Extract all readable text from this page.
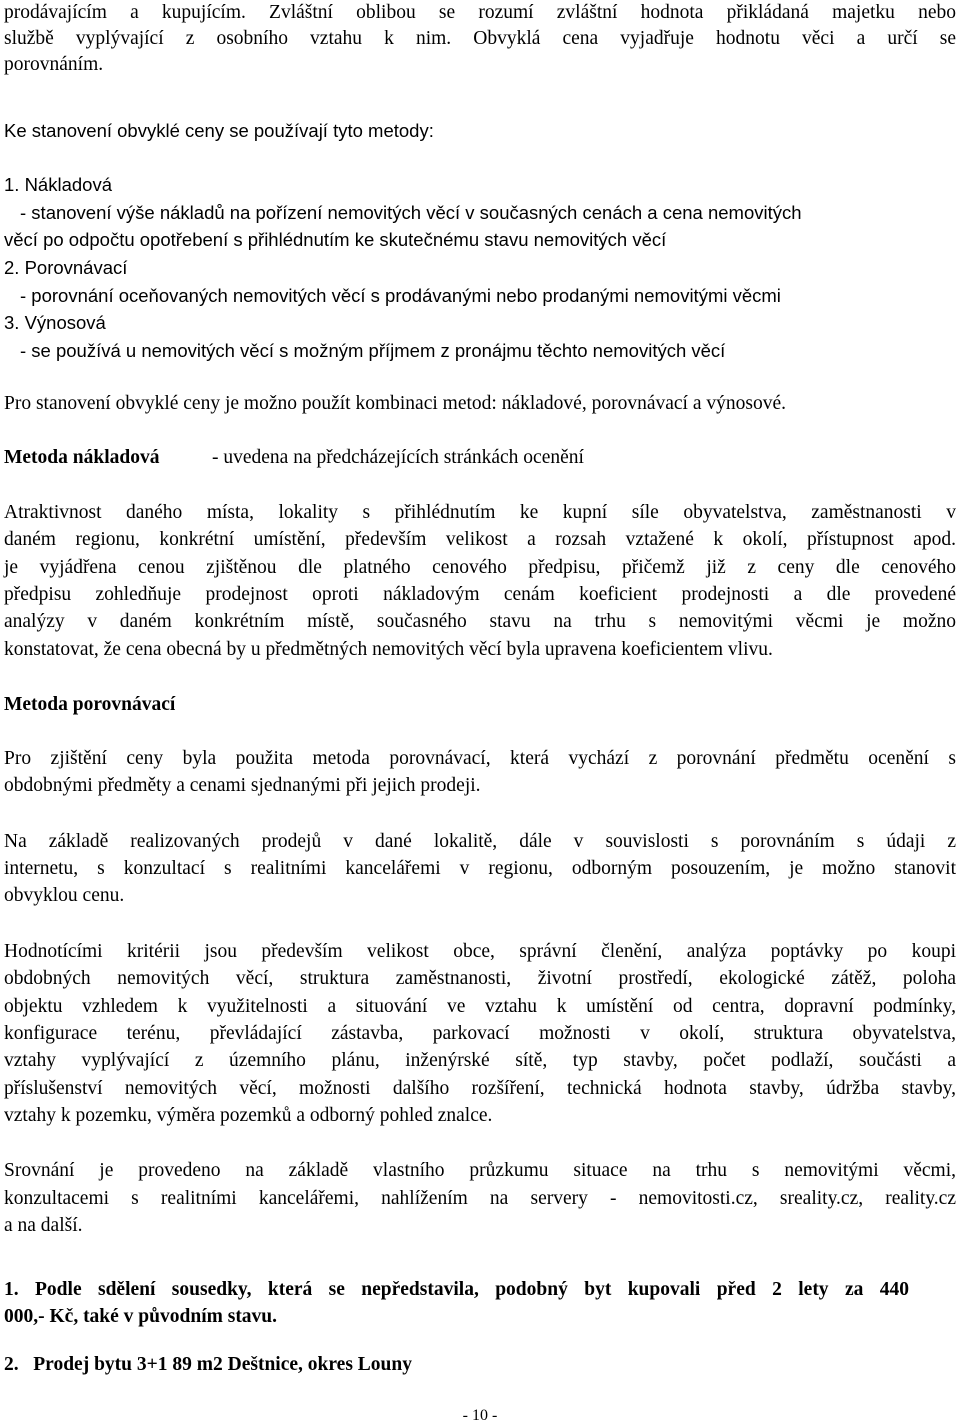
prodávajícím a kupujícím. Zvláštní oblibou se rozumí zvláštní hodnota přikládaná majetku nebo
službě vyplývající z osobního vztahu k nim. Obvyklá cena vyjadřuje hodnotu věci a určí se
porovnáním.
Ke stanovení obvyklé ceny se používají tyto metody:
1. Nákladová
- stanovení výše nákladů na pořízení nemovitých věcí v současných cenách a cena nemovitých
věcí po odpočtu opotřebení s přihlédnutím ke skutečnému stavu nemovitých věcí
2. Porovnávací
- porovnání oceňovaných nemovitých věcí s prodávanými nebo prodanými nemovitými věcmi
3. Výnosová
- se používá u nemovitých věcí s možným příjmem z pronájmu těchto nemovitých věcí
Pro stanovení obvyklé ceny je možno použít kombinaci metod: nákladové, porovnávací a výnosové.
Metoda nákladová	- uvedena na předcházejících stránkách ocenění
Atraktivnost daného místa, lokality s přihlédnutím ke kupní síle obyvatelstva, zaměstnanosti v
daném regionu, konkrétní umístění, především velikost a rozsah vztažené k okolí, přístupnost apod.
je vyjádřena cenou zjištěnou dle platného cenového předpisu, přičemž již z ceny dle cenového
předpisu zohledňuje prodejnost oproti nákladovým cenám koeficient prodejnosti a dle provedené
analýzy v daném konkrétním místě, současného stavu na trhu s nemovitými věcmi je možno
konstatovat, že cena obecná by u předmětných nemovitých věcí byla upravena koeficientem vlivu.
Metoda porovnávací
Pro zjištění ceny byla použita metoda porovnávací, která vychází z porovnání předmětu ocenění s
obdobnými předměty a cenami sjednanými při jejich prodeji.
Na základě realizovaných prodejů v dané lokalitě, dále v souvislosti s porovnáním s údaji z
internetu, s konzultací s realitními kancelářemi v regionu, odborným posouzením, je možno stanovit
obvyklou cenu.
Hodnotícími kritérii jsou především velikost obce, správní členění, analýza poptávky po koupi
obdobných nemovitých věcí, struktura zaměstnanosti, životní prostředí, ekologické zátěž, poloha
objektu vzhledem k využitelnosti a situování ve vztahu k umístění od centra, dopravní podmínky,
konfigurace terénu, převládající zástavba, parkovací možnosti v okolí, struktura obyvatelstva,
vztahy vyplývající z územního plánu, inženýrské sítě, typ stavby, počet podlaží, součásti a
příslušenství nemovitých věcí, možnosti dalšího rozšíření, technická hodnota stavby, údržba stavby,
vztahy k pozemku, výměra pozemků a odborný pohled znalce.
Srovnání je provedeno na základě vlastního průzkumu situace na trhu s nemovitými věcmi,
konzultacemi s realitními kancelářemi, nahlížením na servery - nemovitosti.cz, sreality.cz, reality.cz
a na další.
1. Podle sdělení sousedky, která se nepředstavila, podobný byt kupovali před 2 lety za 440
000,- Kč, také v původním stavu.
2.   Prodej bytu 3+1 89 m2 Deštnice, okres Louny
- 10 -
